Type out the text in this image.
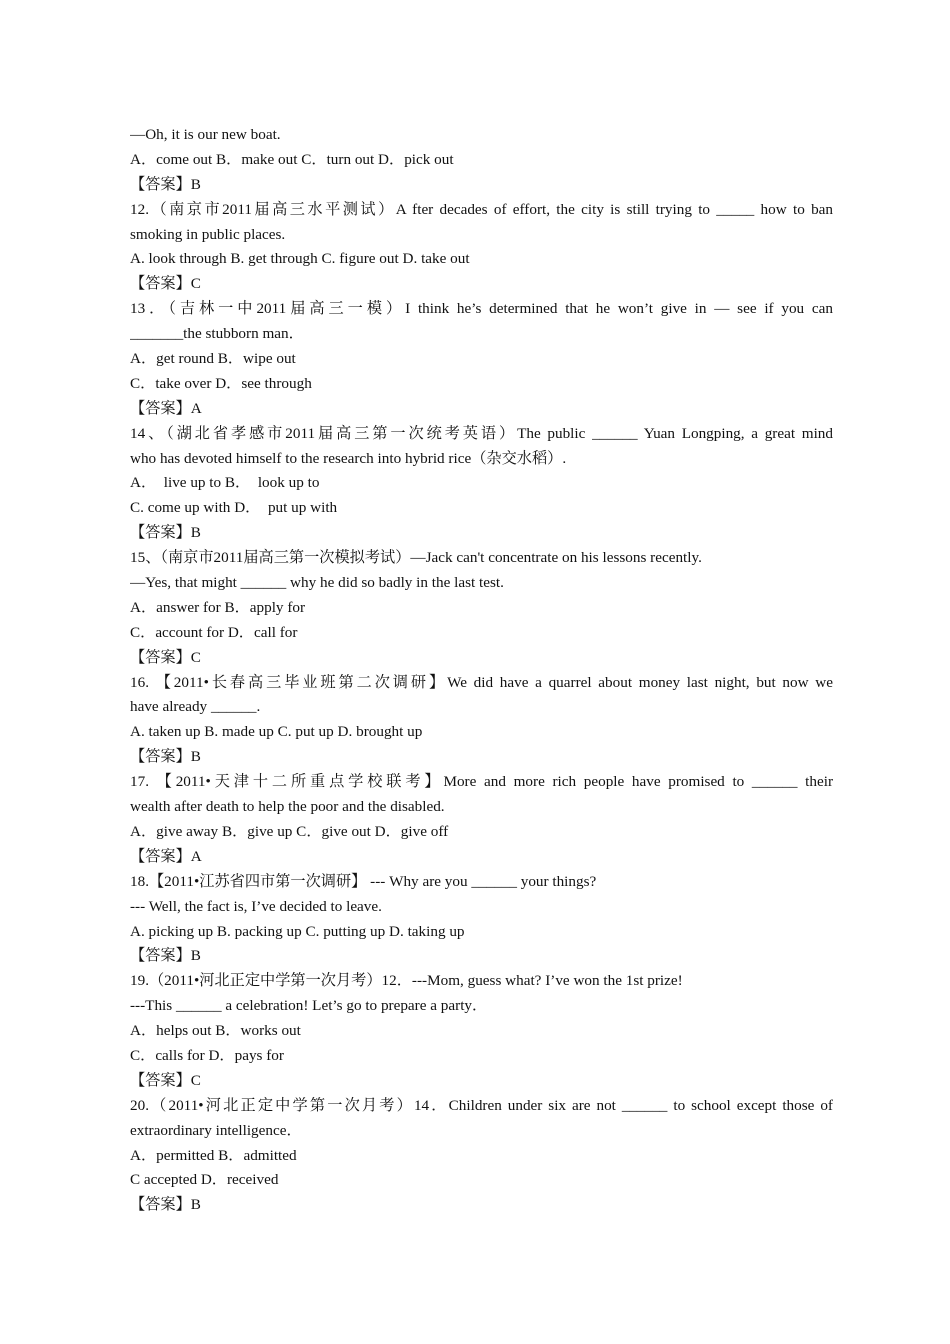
—Oh, it is our new boat.
A．come out B．make out C．turn out D．pick out
【答案】B
12.（南京市2011届高三水平测试）A fter decades of effort, the city is still trying to _____ how to ban
smoking in public places.
A. look through B. get through C. figure out D. take out
【答案】C
13．（吉林一中2011届高三一模）I think he’s determined that he won’t give in — see if you can
_______the stubborn man．
A．get round B．wipe out
C．take over D．see through
【答案】A
14、（湖北省孝感市2011届高三第一次统考英语）The public ______ Yuan Longping, a great mind
who has devoted himself to the research into hybrid rice（杂交水稻）.
A．  live up to B．  look up to
C. come up with D．  put up with
【答案】B
15、（南京市2011届高三第一次模拟考试）—Jack can't concentrate on his lessons recently.
—Yes, that might ______ why he did so badly in the last test.
A．answer for B．apply for
C．account for D．call for
【答案】C
16. 【2011•长春高三毕业班第二次调研】We did have a quarrel about money last night, but now we
have already ______.
A. taken up B. made up C. put up D. brought up
【答案】B
17. 【2011•天津十二所重点学校联考】More and more rich people have promised to ______ their
wealth after death to help the poor and the disabled.
A．give away B．give up C．give out D．give off
【答案】A
18.【2011•江苏省四市第一次调研】 --- Why are you ______ your things?
--- Well, the fact is, I’ve decided to leave.
A. picking up B. packing up C. putting up D. taking up
【答案】B
19.（2011•河北正定中学第一次月考）12．---Mom, guess what? I’ve won the 1st prize!
---This ______ a celebration! Let’s go to prepare a party．
A．helps out B．works out
C．calls for D．pays for
【答案】C
20.（2011•河北正定中学第一次月考）14．Children under six are not ______ to school except those of
extraordinary intelligence．
A．permitted B．admitted
C accepted D．received
【答案】B
